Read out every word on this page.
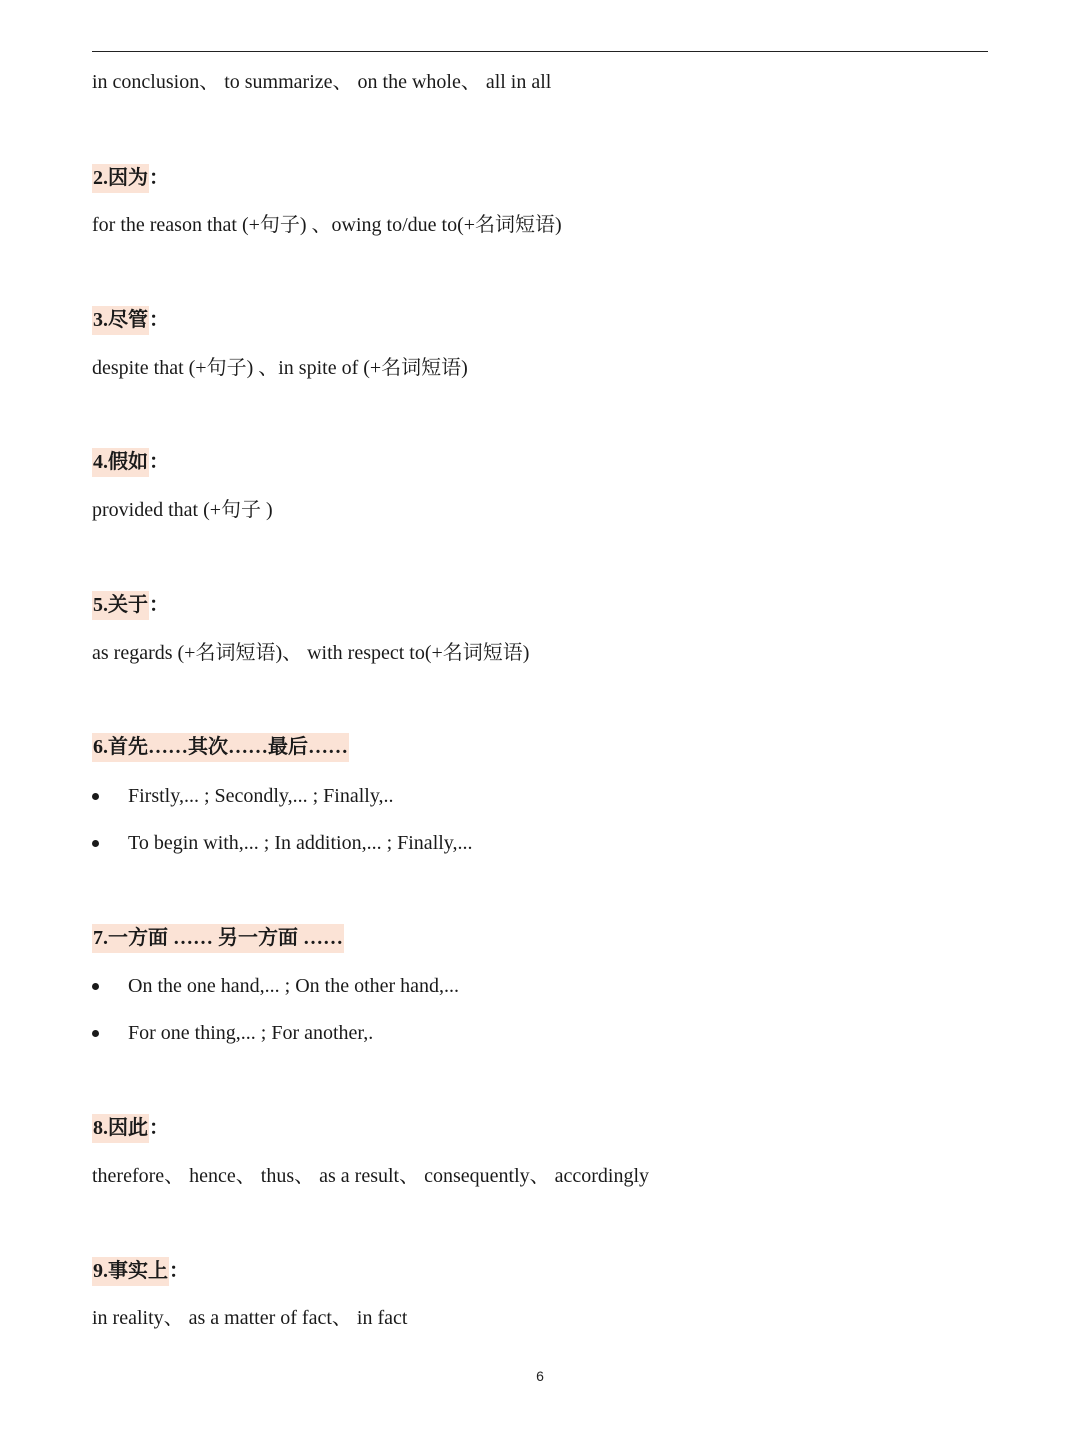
in conclusion、 to summarize、 on the whole、 all in all
2.因为：
for the reason that (+句子) 、owing to/due to(+名词短语)
3.尽管：
despite that (+句子) 、in spite of (+名词短语)
4.假如：
provided that (+句子 )
5.关于：
as regards (+名词短语)、 with respect to(+名词短语)
6.首先……其次……最后……
Firstly,... ; Secondly,... ; Finally,..
To begin with,... ; In addition,... ; Finally,...
7.一方面 …… 另一方面 ……
On the one hand,... ; On the other hand,...
For one thing,... ; For another,.
8.因此：
therefore、 hence、 thus、 as a result、 consequently、 accordingly
9.事实上：
in reality、 as a matter of fact、 in fact
6
